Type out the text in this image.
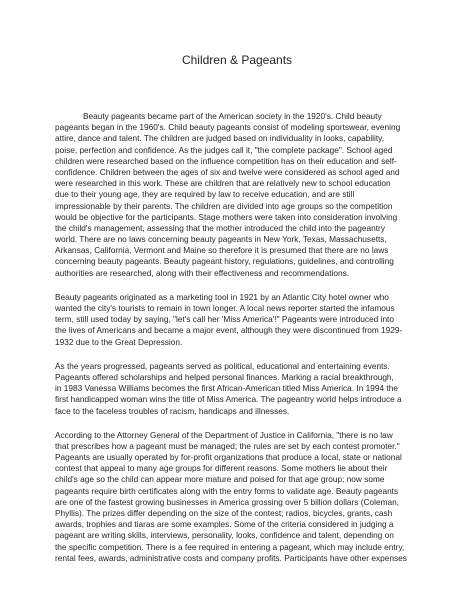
Children & Pageants

Beauty pageants became part of the American society in the 1920's. Child beauty
pageants began in the 1960's. Child beauty pageants consist of modeling sportswear, evening
attire, dance and talent. The children are judged based on individuality in looks, capability,
poise, perfection and confidence. As the judges call it, "the complete package". School aged
children were researched based on the influence competition has on their education and self-
confidence. Children between the ages of six and twelve were considered as school aged and
were researched in this work. These are children that are relatively new to school education
due to their young age, they are required by law to receive education, and are still
impressionable by their parents. The children are divided into age groups so the competition
would be objective for the participants. Stage mothers were taken into consideration involving
the child's management, assessing that the mother introduced the child into the pageantry
world. There are no laws concerning beauty pageants in New York, Texas, Massachusetts,
Arkansas, California, Vermont and Maine so therefore it is presumed that there are no laws
concerning beauty pageants. Beauty pageant history, regulations, guidelines, and controlling
authorities are researched, along with their effectiveness and recommendations.

Beauty pageants originated as a marketing tool in 1921 by an Atlantic City hotel owner who
wanted the city's tourists to remain in town longer. A local news reporter started the infamous
term, still used today by saying, "let's call her 'Miss America'!" Pageants were introduced into
the lives of Americans and became a major event, although they were discontinued from 1929-
1932 due to the Great Depression.

As the years progressed, pageants served as political, educational and entertaining events.
Pageants offered scholarships and helped personal finances. Marking a racial breakthrough,
in 1983 Vanessa Williams becomes the first African-American titled Miss America. In 1994 the
first handicapped woman wins the title of Miss America. The pageantry world helps introduce a
face to the faceless troubles of racism, handicaps and illnesses.

According to the Attorney General of the Department of Justice in California, "there is no law
that prescribes how a pageant must be managed; the rules are set by each contest promoter."
Pageants are usually operated by for-profit organizations that produce a local, state or national
contest that appeal to many age groups for different reasons. Some mothers lie about their
child's age so the child can appear more mature and poised for that age group; now some
pageants require birth certificates along with the entry forms to validate age. Beauty pageants
are one of the fastest growing businesses in America grossing over 5 billion dollars (Coleman,
Phyllis). The prizes differ depending on the size of the contest; radios, bicycles, grants, cash
awards, trophies and tiaras are some examples. Some of the criteria considered in judging a
pageant are writing skills, interviews, personality, looks, confidence and talent, depending on
the specific competition. There is a fee required in entering a pageant, which may include entry,
rental fees, awards, administrative costs and company profits. Participants have other expenses
